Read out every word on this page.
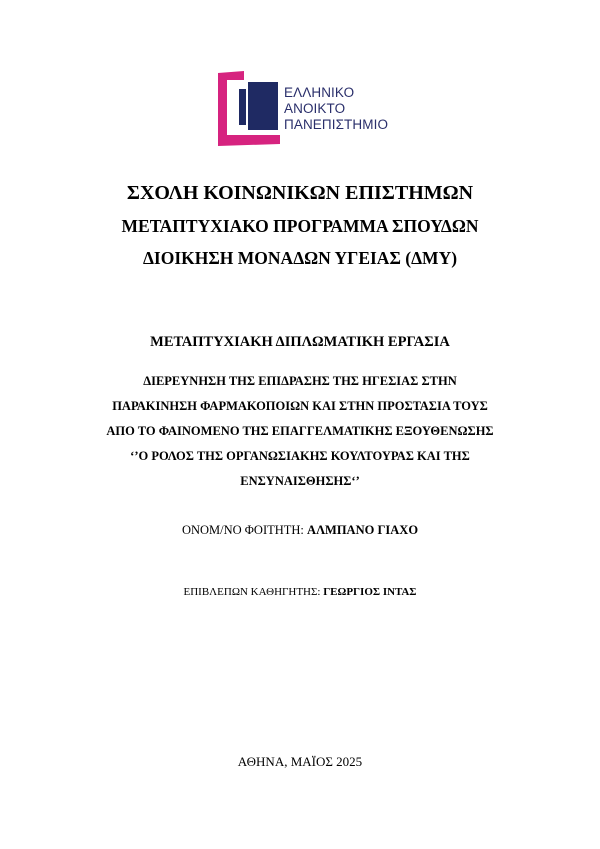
ΕΛΛΗΝΙΚΟ
ΑΝΟΙΚΤΟ
ΠΑΝΕΠΙΣΤΗΜΙΟ
ΣΧΟΛΗ ΚΟΙΝΩΝΙΚΩΝ ΕΠΙΣΤΗΜΩΝ
ΜΕΤΑΠΤΥΧΙΑΚΟ ΠΡΟΓΡΑΜΜΑ ΣΠΟΥΔΩΝ
ΔΙΟΙΚΗΣΗ ΜΟΝΑΔΩΝ ΥΓΕΙΑΣ (ΔΜΥ)
ΜΕΤΑΠΤΥΧΙΑΚΗ ΔΙΠΛΩΜΑΤΙΚΗ ΕΡΓΑΣΙΑ
ΔΙΕΡΕΥΝΗΣΗ ΤΗΣ ΕΠΙΔΡΑΣΗΣ ΤΗΣ ΗΓΕΣΙΑΣ ΣΤΗΝ
ΠΑΡΑΚΙΝΗΣΗ ΦΑΡΜΑΚΟΠΟΙΩΝ ΚΑΙ ΣΤΗΝ ΠΡΟΣΤΑΣΙΑ ΤΟΥΣ
ΑΠΟ ΤΟ ΦΑΙΝΟΜΕΝΟ ΤΗΣ ΕΠΑΓΓΕΛΜΑΤΙΚΗΣ ΕΞΟΥΘΕΝΩΣΗΣ
‘’Ο ΡΟΛΟΣ ΤΗΣ ΟΡΓΑΝΩΣΙΑΚΗΣ ΚΟΥΛΤΟΥΡΑΣ ΚΑΙ ΤΗΣ
ΕΝΣΥΝΑΙΣΘΗΣΗΣ‘’
ΟΝΟΜ/ΝΟ ΦΟΙΤΗΤΗ: ΑΛΜΠΑΝΟ ΓΙΑΧΟ
ΕΠΙΒΛΕΠΩΝ ΚΑΘΗΓΗΤΗΣ: ΓΕΩΡΓΙΟΣ ΙΝΤΑΣ
ΑΘΗΝΑ, ΜΑΪΟΣ 2025
